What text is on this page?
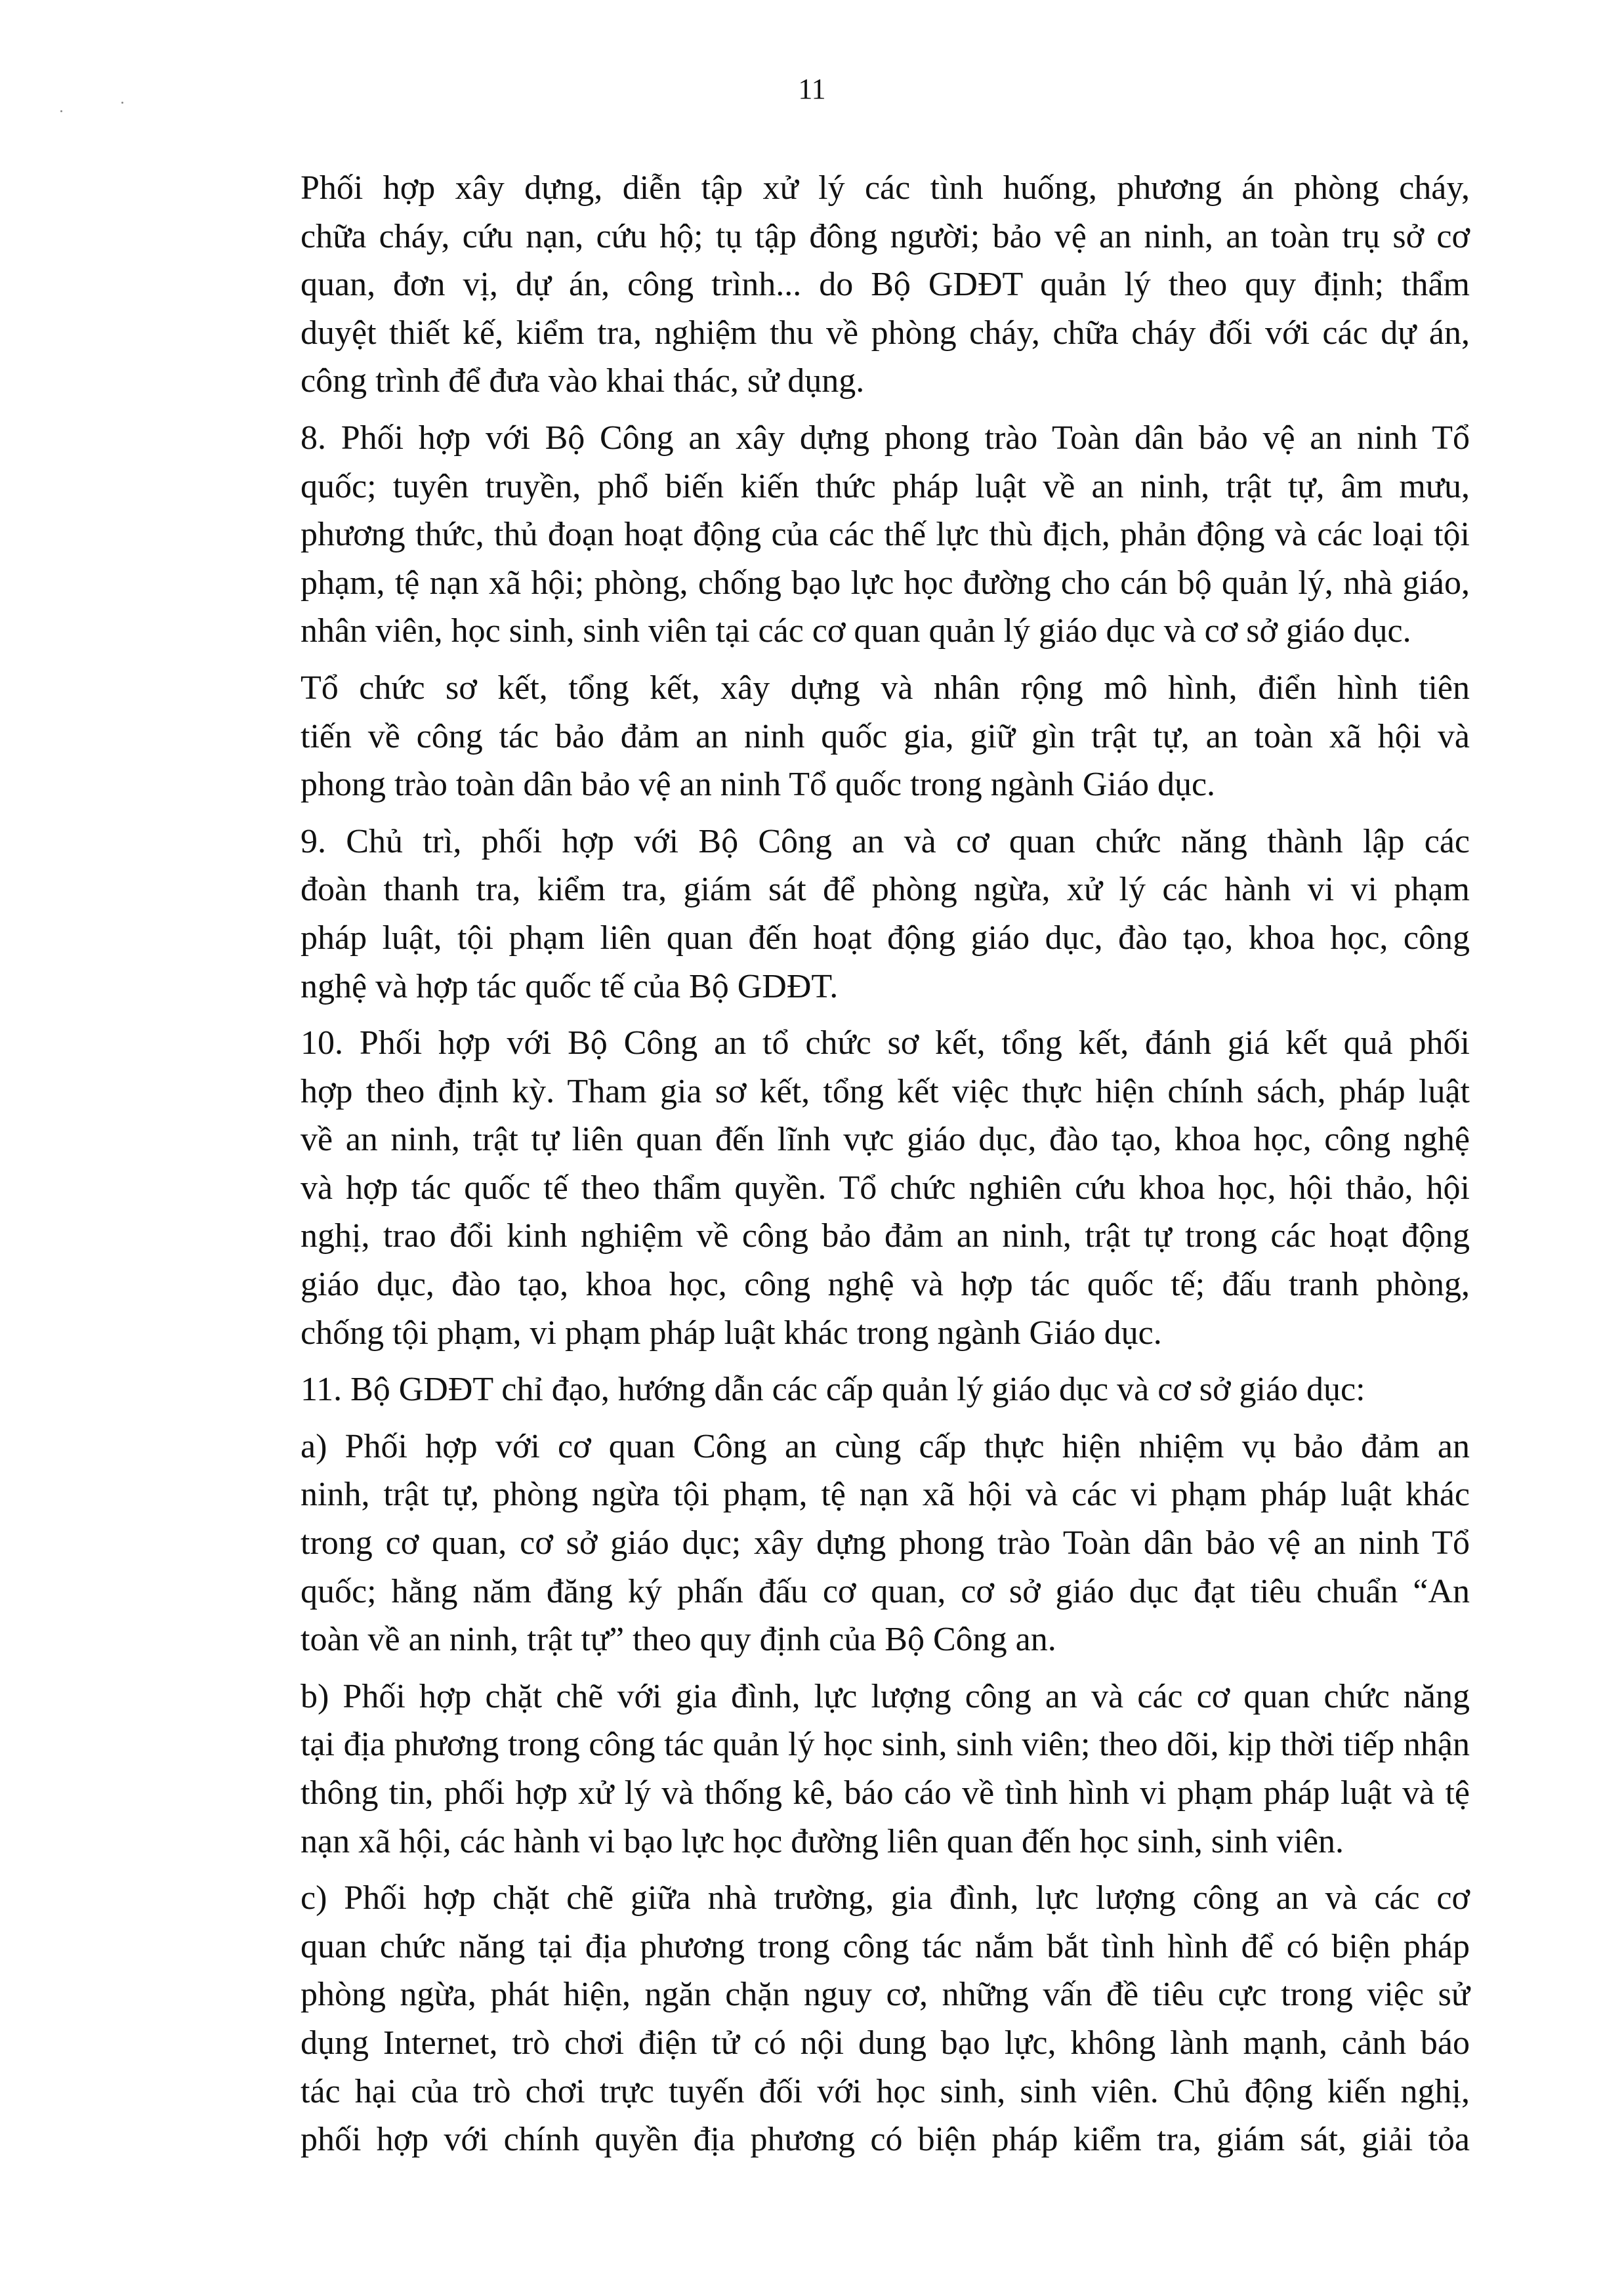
11

Phối hợp xây dựng, diễn tập xử lý các tình huống, phương án phòng cháy,
chữa cháy, cứu nạn, cứu hộ; tụ tập đông người; bảo vệ an ninh, an toàn trụ sở cơ
quan, đơn vị, dự án, công trình... do Bộ GDĐT quản lý theo quy định; thẩm
duyệt thiết kế, kiểm tra, nghiệm thu về phòng cháy, chữa cháy đối với các dự án,
công trình để đưa vào khai thác, sử dụng.

8. Phối hợp với Bộ Công an xây dựng phong trào Toàn dân bảo vệ an ninh Tổ
quốc; tuyên truyền, phổ biến kiến thức pháp luật về an ninh, trật tự, âm mưu,
phương thức, thủ đoạn hoạt động của các thế lực thù địch, phản động và các loại tội
phạm, tệ nạn xã hội; phòng, chống bạo lực học đường cho cán bộ quản lý, nhà giáo,
nhân viên, học sinh, sinh viên tại các cơ quan quản lý giáo dục và cơ sở giáo dục.

Tổ chức sơ kết, tổng kết, xây dựng và nhân rộng mô hình, điển hình tiên
tiến về công tác bảo đảm an ninh quốc gia, giữ gìn trật tự, an toàn xã hội và
phong trào toàn dân bảo vệ an ninh Tổ quốc trong ngành Giáo dục.

9. Chủ trì, phối hợp với Bộ Công an và cơ quan chức năng thành lập các
đoàn thanh tra, kiểm tra, giám sát để phòng ngừa, xử lý các hành vi vi phạm
pháp luật, tội phạm liên quan đến hoạt động giáo dục, đào tạo, khoa học, công
nghệ và hợp tác quốc tế của Bộ GDĐT.

10. Phối hợp với Bộ Công an tổ chức sơ kết, tổng kết, đánh giá kết quả phối
hợp theo định kỳ. Tham gia sơ kết, tổng kết việc thực hiện chính sách, pháp luật
về an ninh, trật tự liên quan đến lĩnh vực giáo dục, đào tạo, khoa học, công nghệ
và hợp tác quốc tế theo thẩm quyền. Tổ chức nghiên cứu khoa học, hội thảo, hội
nghị, trao đổi kinh nghiệm về công bảo đảm an ninh, trật tự trong các hoạt động
giáo dục, đào tạo, khoa học, công nghệ và hợp tác quốc tế; đấu tranh phòng,
chống tội phạm, vi phạm pháp luật khác trong ngành Giáo dục.

11. Bộ GDĐT chỉ đạo, hướng dẫn các cấp quản lý giáo dục và cơ sở giáo dục:

a) Phối hợp với cơ quan Công an cùng cấp thực hiện nhiệm vụ bảo đảm an
ninh, trật tự, phòng ngừa tội phạm, tệ nạn xã hội và các vi phạm pháp luật khác
trong cơ quan, cơ sở giáo dục; xây dựng phong trào Toàn dân bảo vệ an ninh Tổ
quốc; hằng năm đăng ký phấn đấu cơ quan, cơ sở giáo dục đạt tiêu chuẩn “An
toàn về an ninh, trật tự” theo quy định của Bộ Công an.

b) Phối hợp chặt chẽ với gia đình, lực lượng công an và các cơ quan chức năng
tại địa phương trong công tác quản lý học sinh, sinh viên; theo dõi, kịp thời tiếp nhận
thông tin, phối hợp xử lý và thống kê, báo cáo về tình hình vi phạm pháp luật và tệ
nạn xã hội, các hành vi bạo lực học đường liên quan đến học sinh, sinh viên.

c) Phối hợp chặt chẽ giữa nhà trường, gia đình, lực lượng công an và các cơ
quan chức năng tại địa phương trong công tác nắm bắt tình hình để có biện pháp
phòng ngừa, phát hiện, ngăn chặn nguy cơ, những vấn đề tiêu cực trong việc sử
dụng Internet, trò chơi điện tử có nội dung bạo lực, không lành mạnh, cảnh báo
tác hại của trò chơi trực tuyến đối với học sinh, sinh viên. Chủ động kiến nghị,
phối hợp với chính quyền địa phương có biện pháp kiểm tra, giám sát, giải tỏa
